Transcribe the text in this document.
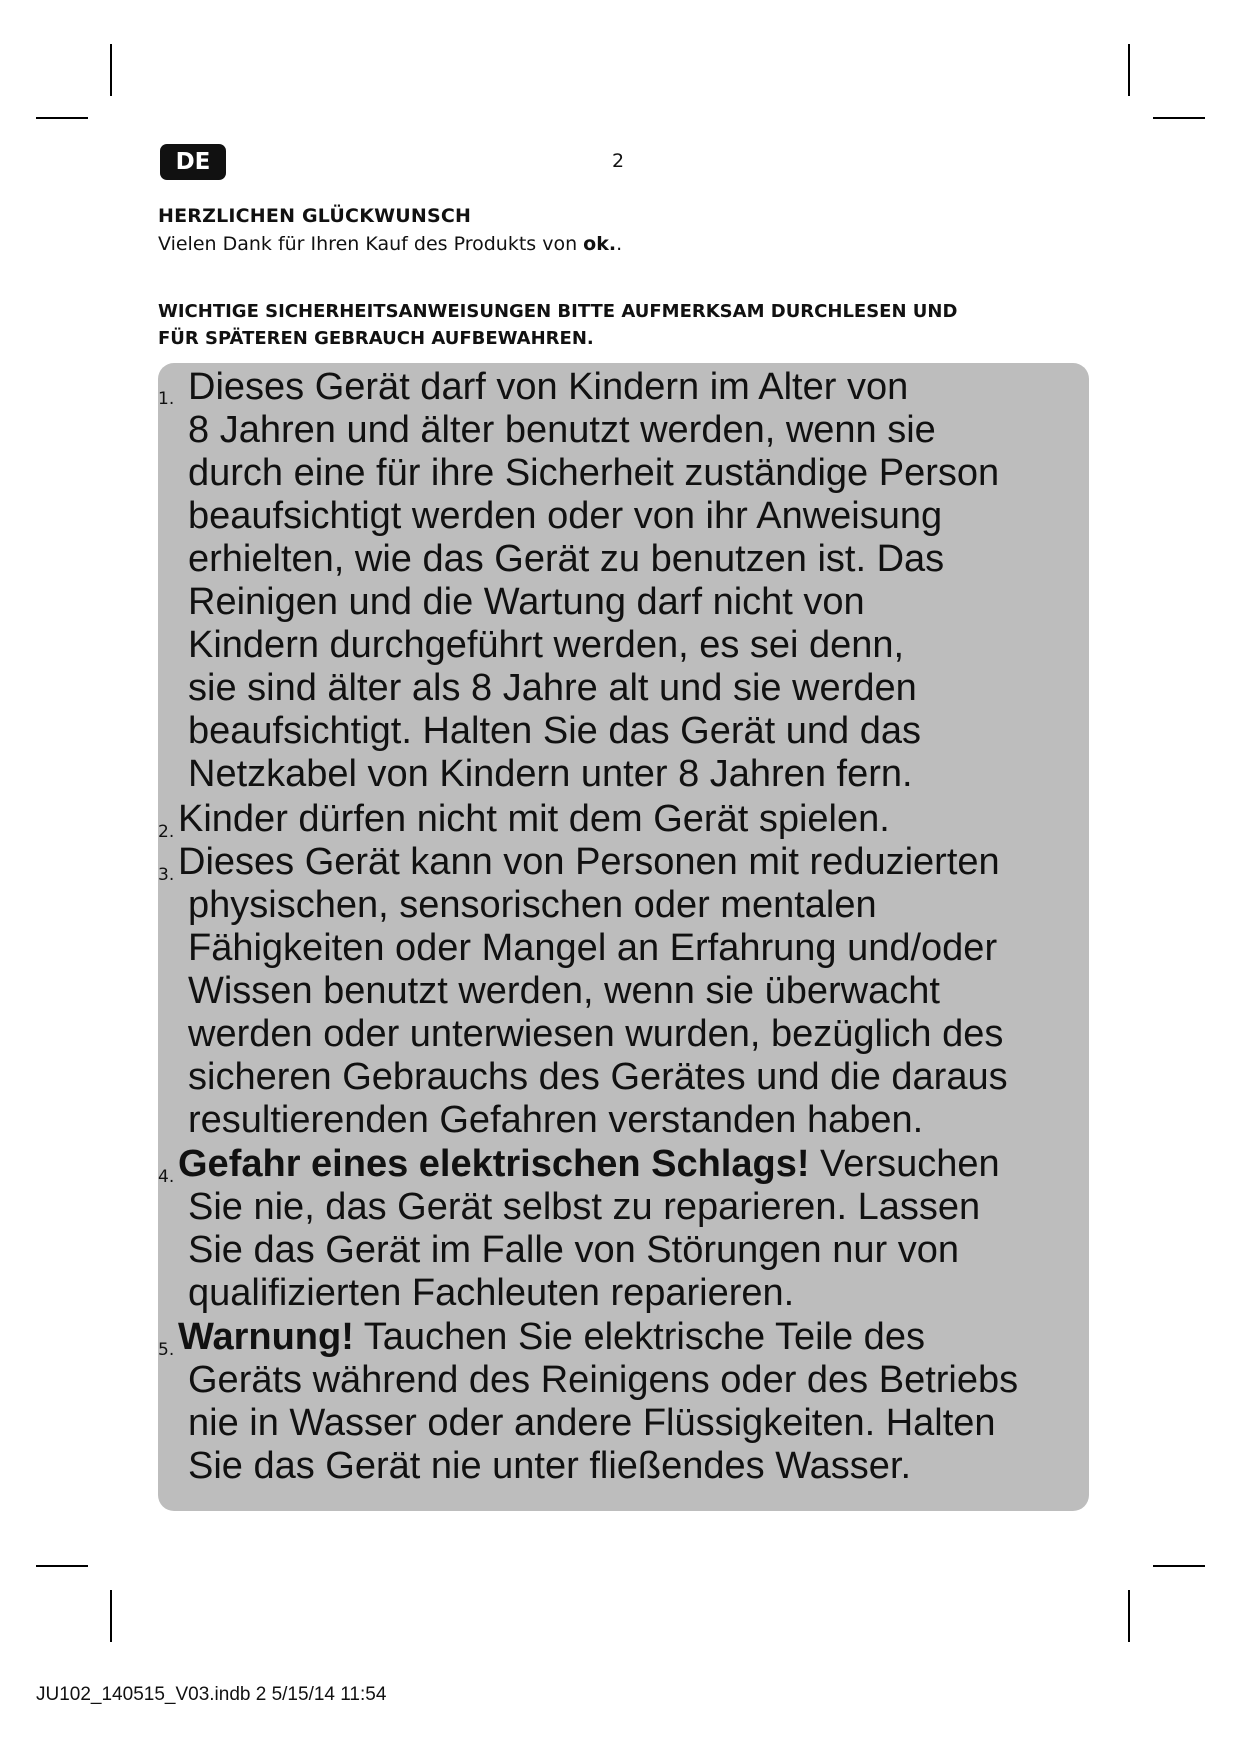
DE	2
HERZLICHEN GLÜCKWUNSCH
Vielen Dank für Ihren Kauf des Produkts von ok..
WICHTIGE SICHERHEITSANWEISUNGEN BITTE AUFMERKSAM DURCHLESEN UND
FÜR SPÄTEREN GEBRAUCH AUFBEWAHREN.
1. Dieses Gerät darf von Kindern im Alter von
8 Jahren und älter benutzt werden, wenn sie
durch eine für ihre Sicherheit zuständige Person
beaufsichtigt werden oder von ihr Anweisung
erhielten, wie das Gerät zu benutzen ist. Das
Reinigen und die Wartung darf nicht von
Kindern durchgeführt werden, es sei denn,
sie sind älter als 8 Jahre alt und sie werden
beaufsichtigt. Halten Sie das Gerät und das
Netzkabel von Kindern unter 8 Jahren fern.
2. Kinder dürfen nicht mit dem Gerät spielen.
3. Dieses Gerät kann von Personen mit reduzierten
physischen, sensorischen oder mentalen
Fähigkeiten oder Mangel an Erfahrung und/oder
Wissen benutzt werden, wenn sie überwacht
werden oder unterwiesen wurden, bezüglich des
sicheren Gebrauchs des Gerätes und die daraus
resultierenden Gefahren verstanden haben.
4. Gefahr eines elektrischen Schlags! Versuchen
Sie nie, das Gerät selbst zu reparieren. Lassen
Sie das Gerät im Falle von Störungen nur von
qualifizierten Fachleuten reparieren.
5. Warnung! Tauchen Sie elektrische Teile des
Geräts während des Reinigens oder des Betriebs
nie in Wasser oder andere Flüssigkeiten. Halten
Sie das Gerät nie unter fließendes Wasser.
JU102_140515_V03.indb 2 5/15/14 11:54
